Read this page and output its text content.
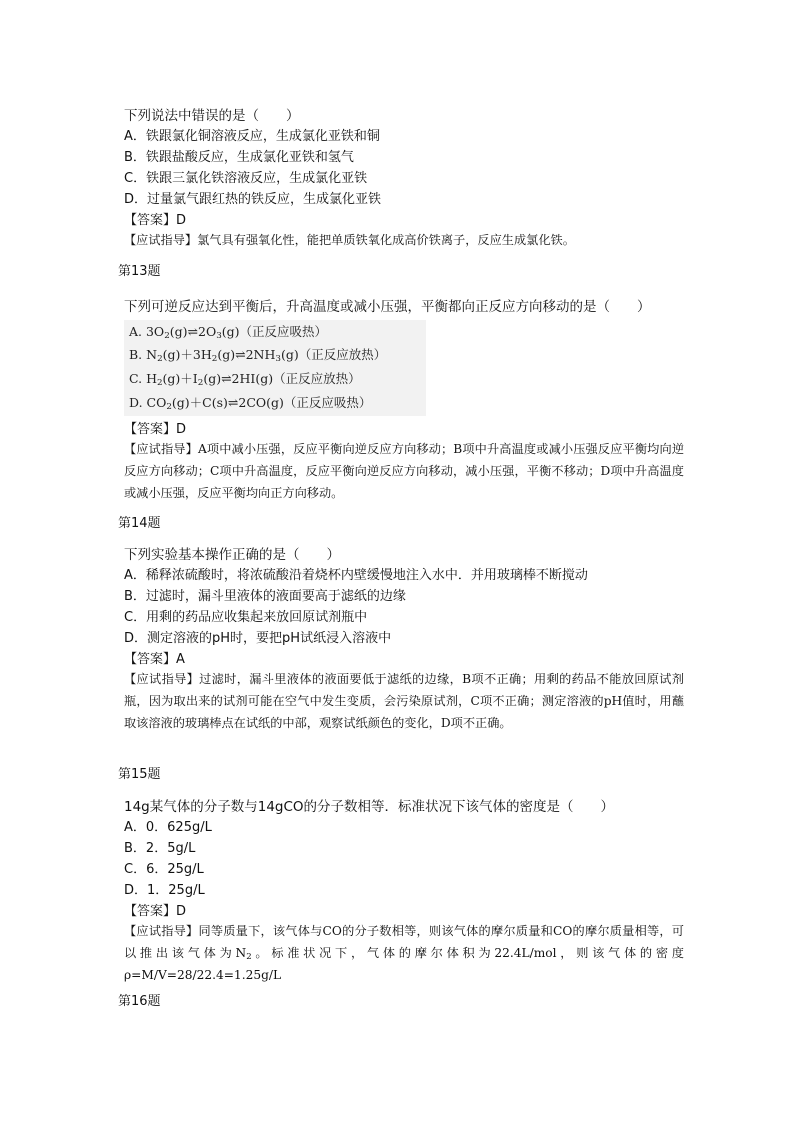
下列说法中错误的是（　　）
A．铁跟氯化铜溶液反应，生成氯化亚铁和铜
B．铁跟盐酸反应，生成氯化亚铁和氢气
C．铁跟三氯化铁溶液反应，生成氯化亚铁
D．过量氯气跟红热的铁反应，生成氯化亚铁
【答案】D
【应试指导】氯气具有强氧化性，能把单质铁氧化成高价铁离子，反应生成氯化铁。
第13题
下列可逆反应达到平衡后，升高温度或减小压强，平衡都向正反应方向移动的是（　　）
A. $3O_2(g)\rightleftharpoons 2O_3(g)$（正反应吸热）
B. $N_2(g)+3H_2(g)\rightleftharpoons 2NH_3(g)$（正反应放热）
C. $H_2(g)+I_2(g)\rightleftharpoons 2HI(g)$（正反应放热）
D. $CO_2(g)+C(s)\rightleftharpoons 2CO(g)$（正反应吸热）
【答案】D
【应试指导】A项中减小压强，反应平衡向逆反应方向移动；B项中升高温度或减小压强反应平衡均向逆反应方向移动；C项中升高温度，反应平衡向逆反应方向移动，减小压强，平衡不移动；D项中升高温度或减小压强，反应平衡均向正方向移动。
第14题
下列实验基本操作正确的是（　　）
A．稀释浓硫酸时，将浓硫酸沿着烧杯内壁缓慢地注入水中．并用玻璃棒不断搅动
B．过滤时，漏斗里液体的液面要高于滤纸的边缘
C．用剩的药品应收集起来放回原试剂瓶中
D．测定溶液的pH时，要把pH试纸浸入溶液中
【答案】A
【应试指导】过滤时，漏斗里液体的液面要低于滤纸的边缘，B项不正确；用剩的药品不能放回原试剂瓶，因为取出来的试剂可能在空气中发生变质，会污染原试剂，C项不正确；测定溶液的pH值时，用蘸取该溶液的玻璃棒点在试纸的中部，观察试纸颜色的变化，D项不正确。
第15题
14g某气体的分子数与14gCO的分子数相等．标准状况下该气体的密度是（　　）
A．0．625g/L
B．2．5g/L
C．6．25g/L
D．1．25g/L
【答案】D
【应试指导】同等质量下，该气体与CO的分子数相等，则该气体的摩尔质量和CO的摩尔质量相等，可以推出该气体为$N_2$。标准状况下，气体的摩尔体积为22.4L/mol，则该气体的密度ρ=M/V=28/22.4=1.25g/L
第16题
